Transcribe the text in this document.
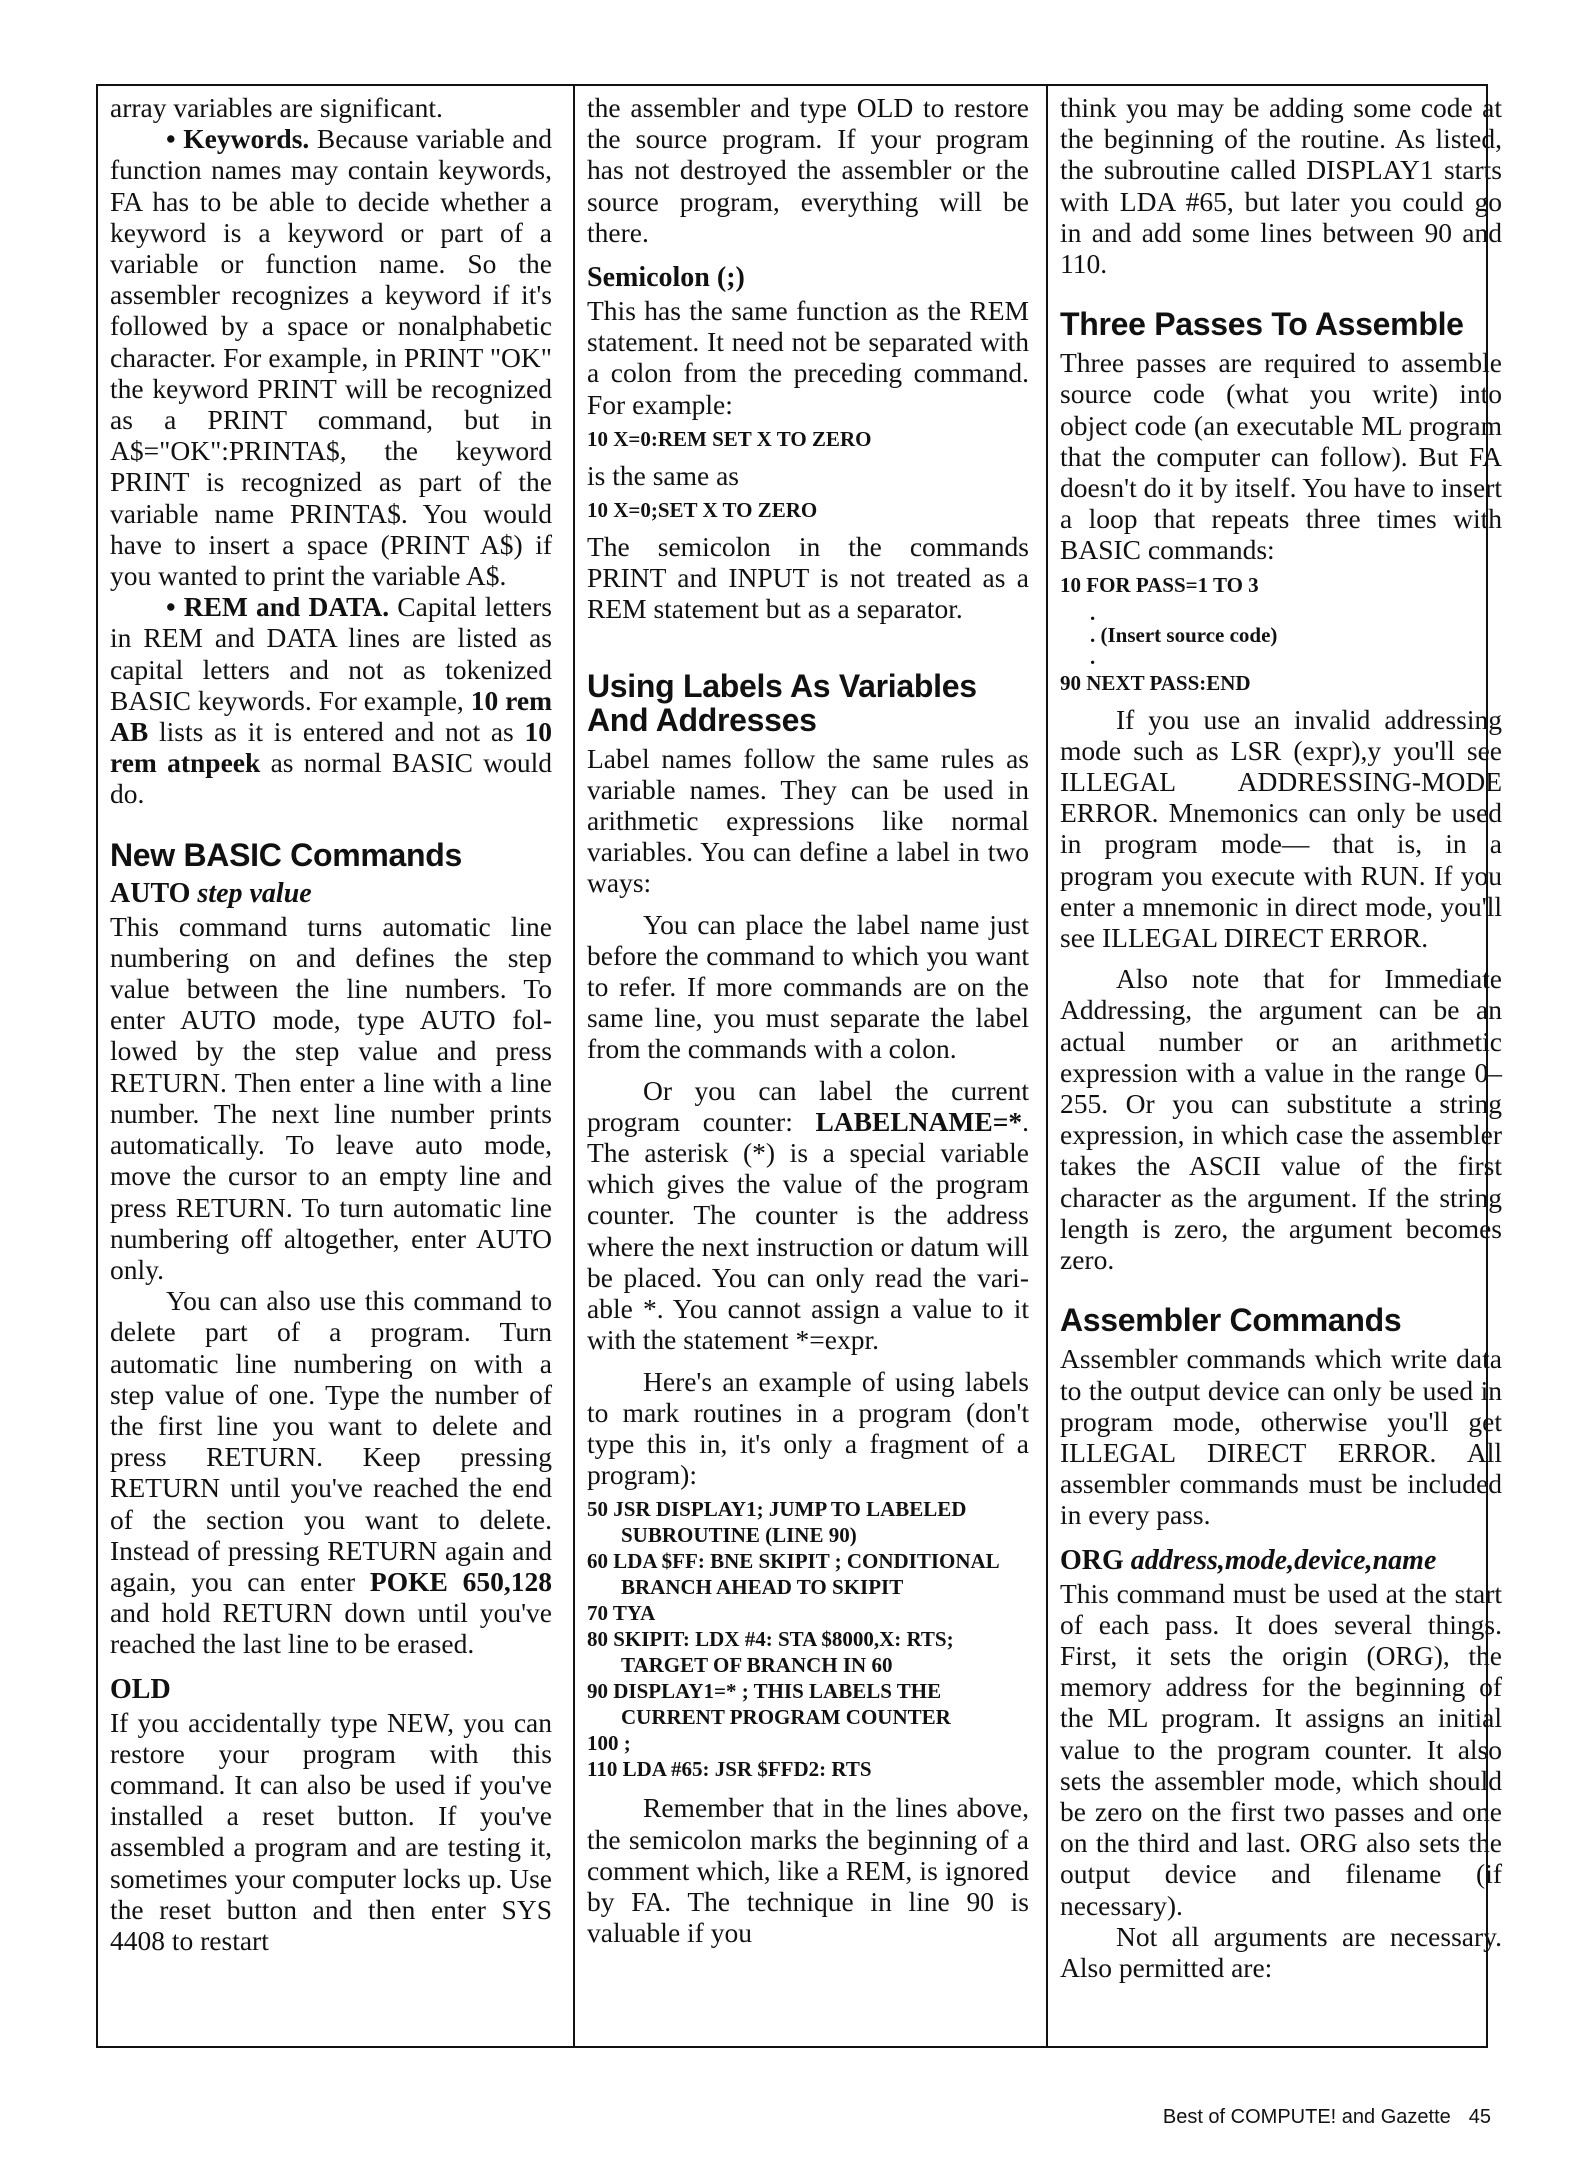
array variables are significant.

• Keywords. Because variable and function names may contain keywords, FA has to be able to decide whether a keyword is a keyword or part of a variable or function name. So the assembler recognizes a keyword if it's followed by a space or nonalphabetic character. For example, in PRINT "OK" the keyword PRINT will be recognized as a PRINT command, but in A$="OK":PRINTA$, the keyword PRINT is recognized as part of the variable name PRINTA$. You would have to insert a space (PRINT A$) if you wanted to print the variable A$.

• REM and DATA. Capital letters in REM and DATA lines are listed as capital letters and not as tokenized BASIC keywords. For example, 10 rem AB lists as it is entered and not as 10 rem atnpeek as normal BASIC would do.

New BASIC Commands
AUTO step value

This command turns automatic line numbering on and defines the step value between the line numbers. To enter AUTO mode, type AUTO followed by the step value and press RETURN. Then enter a line with a line number. The next line number prints automatically. To leave auto mode, move the cursor to an empty line and press RETURN. To turn automatic line numbering off altogether, enter AUTO only.

You can also use this command to delete part of a program. Turn automatic line numbering on with a step value of one. Type the number of the first line you want to delete and press RETURN. Keep pressing RETURN until you've reached the end of the section you want to delete. Instead of pressing RETURN again and again, you can enter POKE 650,128 and hold RETURN down until you've reached the last line to be erased.

OLD

If you accidentally type NEW, you can restore your program with this command. It can also be used if you've installed a reset button. If you've assembled a program and are testing it, sometimes your computer locks up. Use the reset button and then enter SYS 4408 to restart

the assembler and type OLD to restore the source program. If your program has not destroyed the assembler or the source program, everything will be there.

Semicolon (;)

This has the same function as the REM statement. It need not be separated with a colon from the preceding command. For example:

10 X=0:REM SET X TO ZERO

is the same as

10 X=0;SET X TO ZERO

The semicolon in the commands PRINT and INPUT is not treated as a REM statement but as a separator.

Using Labels As Variables And Addresses

Label names follow the same rules as variable names. They can be used in arithmetic expressions like normal variables. You can define a label in two ways:

You can place the label name just before the command to which you want to refer. If more commands are on the same line, you must separate the label from the commands with a colon.

Or you can label the current program counter: LABELNAME=*. The asterisk (*) is a special variable which gives the value of the program counter. The counter is the address where the next instruction or datum will be placed. You can only read the variable *. You cannot assign a value to it with the statement *=expr.

Here's an example of using labels to mark routines in a program (don't type this in, it's only a fragment of a program):

50 JSR DISPLAY1; JUMP TO LABELED SUBROUTINE (LINE 90)
60 LDA $FF: BNE SKIPIT ; CONDITIONAL BRANCH AHEAD TO SKIPIT
70 TYA
80 SKIPIT: LDX #4: STA $8000,X: RTS; TARGET OF BRANCH IN 60
90 DISPLAY1=* ; THIS LABELS THE CURRENT PROGRAM COUNTER
100 ;
110 LDA #65: JSR $FFD2: RTS

Remember that in the lines above, the semicolon marks the beginning of a comment which, like a REM, is ignored by FA. The technique in line 90 is valuable if you

think you may be adding some code at the beginning of the routine. As listed, the subroutine called DISPLAY1 starts with LDA #65, but later you could go in and add some lines between 90 and 110.

Three Passes To Assemble

Three passes are required to assemble source code (what you write) into object code (an executable ML program that the computer can follow). But FA doesn't do it by itself. You have to insert a loop that repeats three times with BASIC commands:

10 FOR PASS=1 TO 3
.
. (Insert source code)
.
90 NEXT PASS:END

If you use an invalid addressing mode such as LSR (expr),y you'll see ILLEGAL ADDRESSING-MODE ERROR. Mnemonics can only be used in program mode— that is, in a program you execute with RUN. If you enter a mnemonic in direct mode, you'll see ILLEGAL DIRECT ERROR.

Also note that for Immediate Addressing, the argument can be an actual number or an arithmetic expression with a value in the range 0–255. Or you can substitute a string expression, in which case the assembler takes the ASCII value of the first character as the argument. If the string length is zero, the argument becomes zero.

Assembler Commands

Assembler commands which write data to the output device can only be used in program mode, otherwise you'll get ILLEGAL DIRECT ERROR. All assembler commands must be included in every pass.

ORG address,mode,device,name

This command must be used at the start of each pass. It does several things. First, it sets the origin (ORG), the memory address for the beginning of the ML program. It assigns an initial value to the program counter. It also sets the assembler mode, which should be zero on the first two passes and one on the third and last. ORG also sets the output device and filename (if necessary).

Not all arguments are necessary. Also permitted are:

Best of COMPUTE! and Gazette 45
